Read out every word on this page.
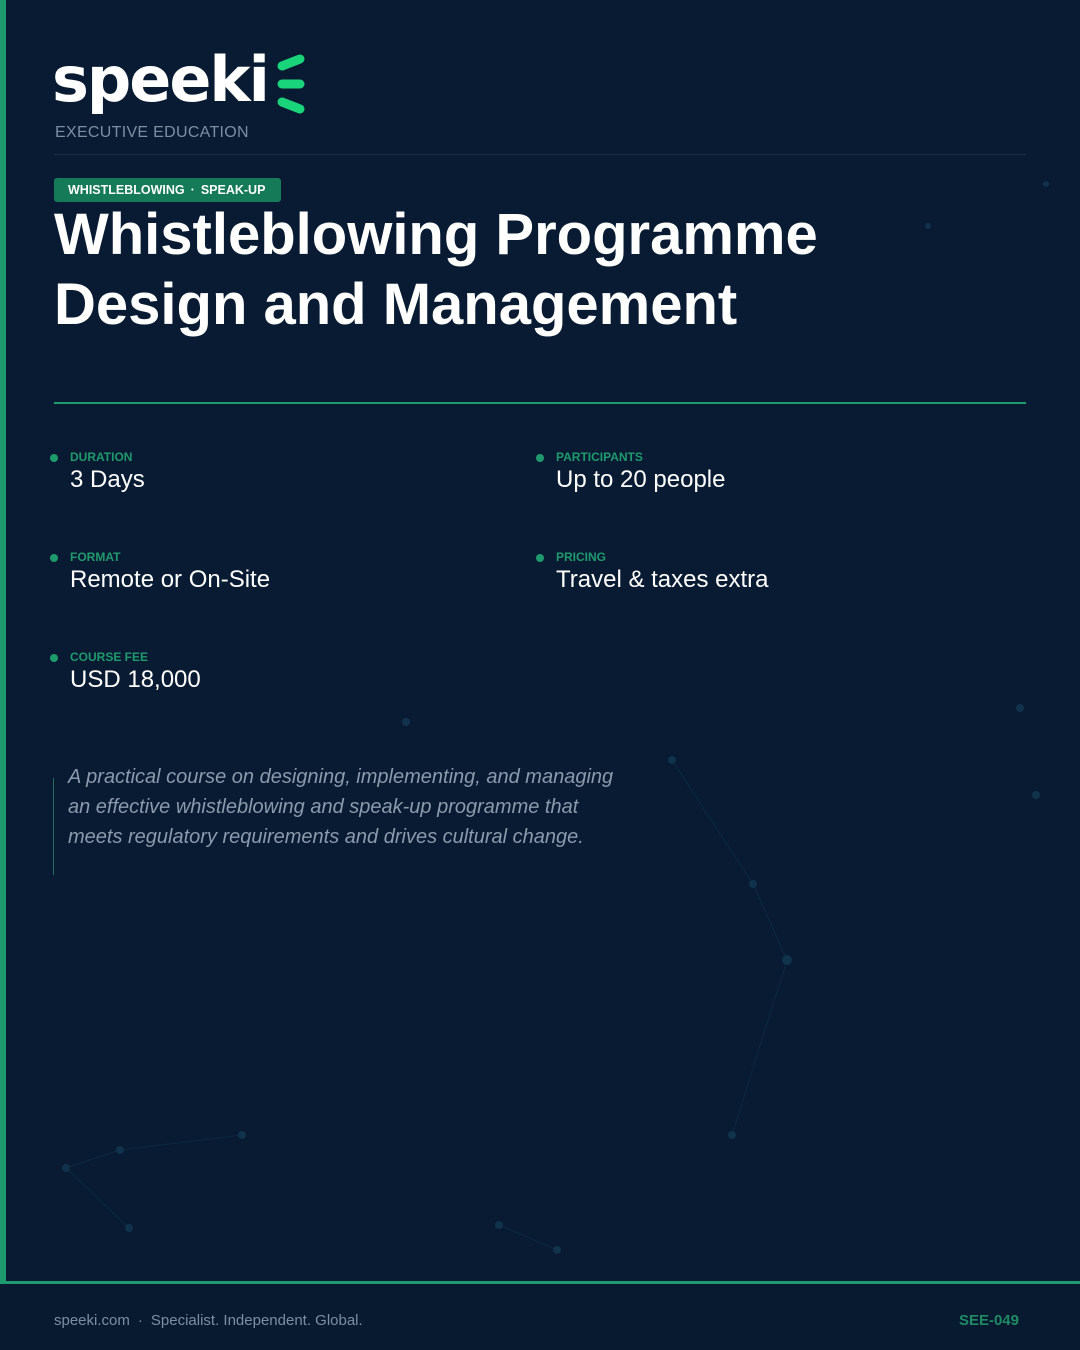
speeki
EXECUTIVE EDUCATION
WHISTLEBLOWING · SPEAK-UP
Whistleblowing Programme
Design and Management
DURATION
3 Days
PARTICIPANTS
Up to 20 people
FORMAT
Remote or On-Site
PRICING
Travel & taxes extra
COURSE FEE
USD 18,000

A practical course on designing, implementing, and managing an effective whistleblowing and speak-up programme that meets regulatory requirements and drives cultural change.

speeki.com · Specialist. Independent. Global.	SEE-049
